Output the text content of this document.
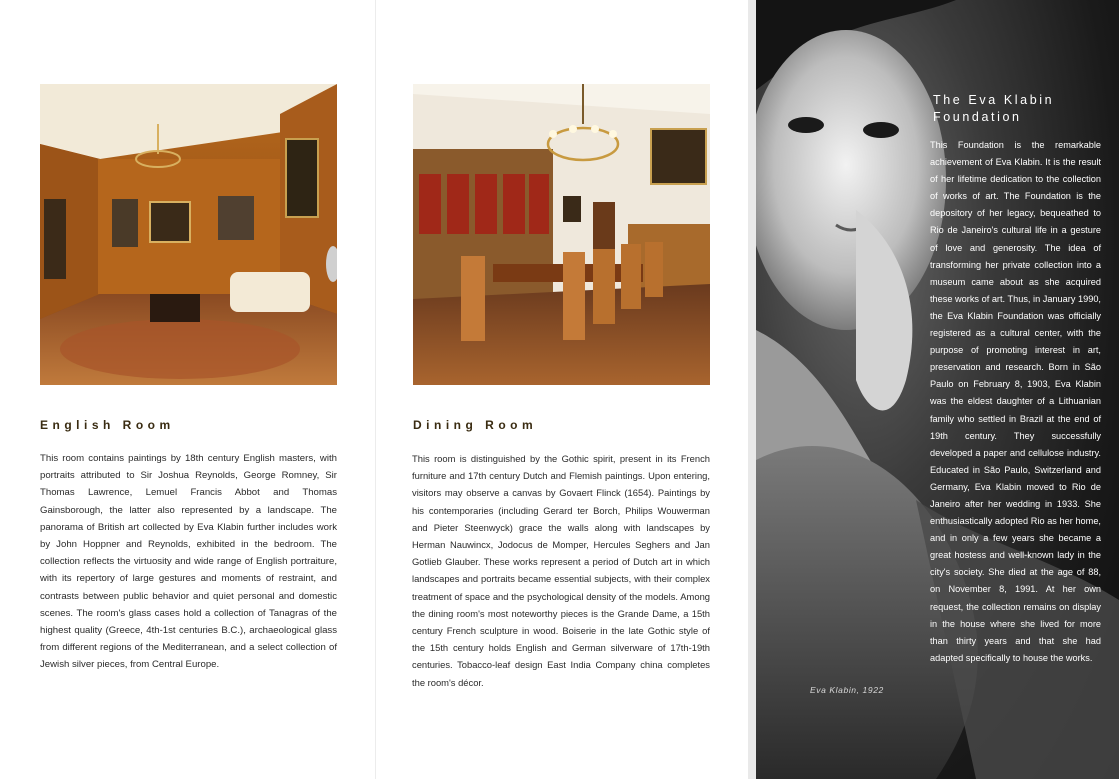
English Room
This room contains paintings by 18th century English masters, with portraits attributed to Sir Joshua Reynolds, George Romney, Sir Thomas Lawrence, Lemuel Francis Abbot and Thomas Gainsborough, the latter also represented by a landscape. The panorama of British art collected by Eva Klabin further includes work by John Hoppner and Reynolds, exhibited in the bedroom. The collection reflects the virtuosity and wide range of English portraiture, with its repertory of large gestures and moments of restraint, and contrasts between public behavior and quiet personal and domestic scenes. The room's glass cases hold a collection of Tanagras of the highest quality (Greece, 4th-1st centuries B.C.), archaeological glass from different regions of the Mediterranean, and a select collection of Jewish silver pieces, from Central Europe.
Dining Room
This room is distinguished by the Gothic spirit, present in its French furniture and 17th century Dutch and Flemish paintings. Upon entering, visitors may observe a canvas by Govaert Flinck (1654). Paintings by his contemporaries (including Gerard ter Borch, Philips Wouwerman and Pieter Steenwyck) grace the walls along with landscapes by Herman Nauwincx, Jodocus de Momper, Hercules Seghers and Jan Gotlieb Glauber. These works represent a period of Dutch art in which landscapes and portraits became essential subjects, with their complex treatment of space and the psychological density of the models. Among the dining room's most noteworthy pieces is the Grande Dame, a 15th century French sculpture in wood. Boiserie in the late Gothic style of the 15th century holds English and German silverware of 17th-19th centuries. Tobacco-leaf design East India Company china completes the room's décor.
The Eva Klabin Foundation
This Foundation is the remarkable achievement of Eva Klabin. It is the result of her lifetime dedication to the collection of works of art. The Foundation is the depository of her legacy, bequeathed to Rio de Janeiro's cultural life in a gesture of love and generosity. The idea of transforming her private collection into a museum came about as she acquired these works of art. Thus, in January 1990, the Eva Klabin Foundation was officially registered as a cultural center, with the purpose of promoting interest in art, preservation and research. Born in São Paulo on February 8, 1903, Eva Klabin was the eldest daughter of a Lithuanian family who settled in Brazil at the end of 19th century. They successfully developed a paper and cellulose industry. Educated in São Paulo, Switzerland and Germany, Eva Klabin moved to Rio de Janeiro after her wedding in 1933. She enthusiastically adopted Rio as her home, and in only a few years she became a great hostess and well-known lady in the city's society. She died at the age of 88, on November 8, 1991. At her own request, the collection remains on display in the house where she lived for more than thirty years and that she had adapted specifically to house the works.
Eva Klabin, 1922
